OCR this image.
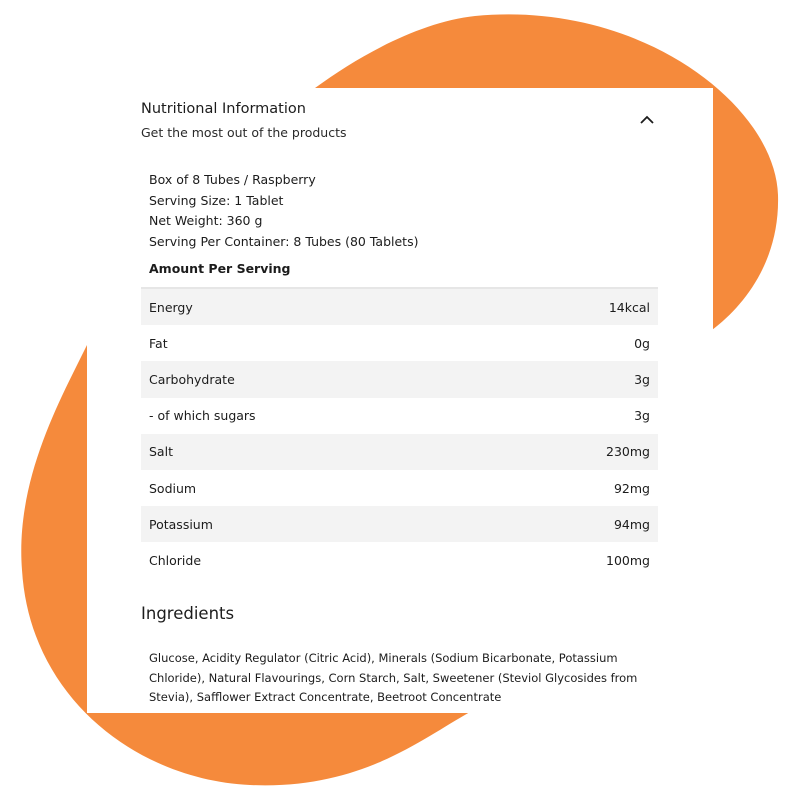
Nutritional Information
Get the most out of the products
Box of 8 Tubes / Raspberry
Serving Size: 1 Tablet
Net Weight: 360 g
Serving Per Container: 8 Tubes (80 Tablets)
Amount Per Serving
Energy	14kcal
Fat	0g
Carbohydrate	3g
- of which sugars	3g
Salt	230mg
Sodium	92mg
Potassium	94mg
Chloride	100mg
Ingredients
Glucose, Acidity Regulator (Citric Acid), Minerals (Sodium Bicarbonate, Potassium Chloride), Natural Flavourings, Corn Starch, Salt, Sweetener (Steviol Glycosides from Stevia), Safflower Extract Concentrate, Beetroot Concentrate
